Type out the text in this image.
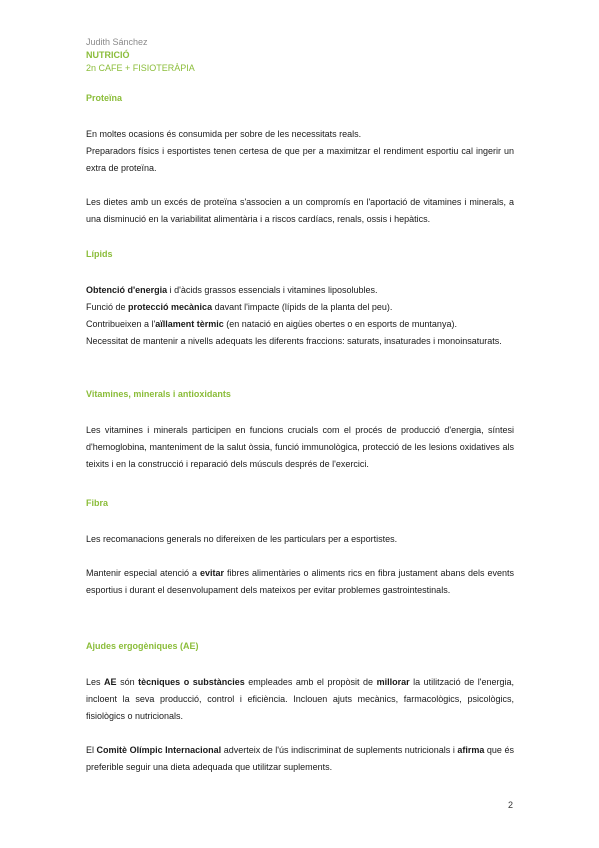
Judith Sánchez
NUTRICIÓ
2n CAFE + FISIOTERÀPIA
Proteïna

En moltes ocasions és consumida per sobre de les necessitats reals.

Preparadors físics i esportistes tenen certesa de que per a maximitzar el rendiment esportiu cal ingerir un extra de proteïna.

Les dietes amb un excés de proteïna s'associen a un compromís en l'aportació de vitamines i minerals, a una disminució en la variabilitat alimentària i a riscos cardíacs, renals, ossis i hepàtics.

Lípids

Obtenció d'energia i d'àcids grassos essencials i vitamines liposolubles.

Funció de protecció mecànica davant l'impacte (lípids de la planta del peu).

Contribueixen a l'aïllament tèrmic (en natació en aigües obertes o en esports de muntanya).

Necessitat de mantenir a nivells adequats les diferents fraccions: saturats, insaturades i monoinsaturats.

Vitamines, minerals i antioxidants

Les vitamines i minerals participen en funcions crucials com el procés de producció d'energia, síntesi d'hemoglobina, manteniment de la salut òssia, funció immunològica, protecció de les lesions oxidatives als teixits i en la construcció i reparació dels músculs després de l'exercici.

Fibra

Les recomanacions generals no difereixen de les particulars per a esportistes.

Mantenir especial atenció a evitar fibres alimentàries o aliments rics en fibra justament abans dels events esportius i durant el desenvolupament dels mateixos per evitar problemes gastrointestinals.

Ajudes ergogèniques (AE)

Les AE són tècniques o substàncies empleades amb el propòsit de millorar la utilització de l'energia, incloent la seva producció, control i eficiència. Inclouen ajuts mecànics, farmacològics, psicològics, fisiològics o nutricionals.

El Comitè Olímpic Internacional adverteix de l'ús indiscriminat de suplements nutricionals i afirma que és preferible seguir una dieta adequada que utilitzar suplements.

2
